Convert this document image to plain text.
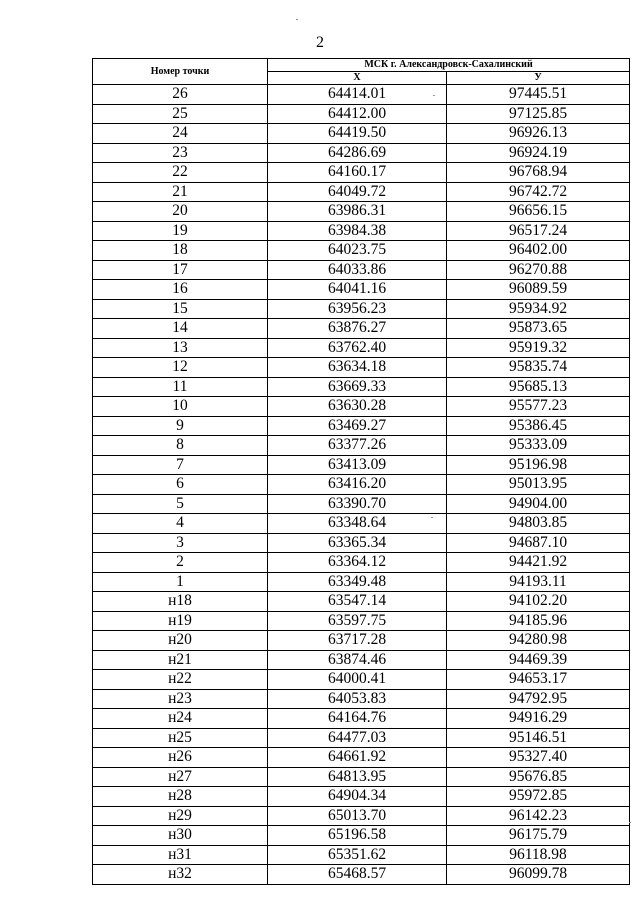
2
Номер точки	МСК г. Александровск-Сахалинский	
	X	У
26	64414.01	97445.51
25	64412.00	97125.85
24	64419.50	96926.13
23	64286.69	96924.19
22	64160.17	96768.94
21	64049.72	96742.72
20	63986.31	96656.15
19	63984.38	96517.24
18	64023.75	96402.00
17	64033.86	96270.88
16	64041.16	96089.59
15	63956.23	95934.92
14	63876.27	95873.65
13	63762.40	95919.32
12	63634.18	95835.74
11	63669.33	95685.13
10	63630.28	95577.23
9	63469.27	95386.45
8	63377.26	95333.09
7	63413.09	95196.98
6	63416.20	95013.95
5	63390.70	94904.00
4	63348.64	94803.85
3	63365.34	94687.10
2	63364.12	94421.92
1	63349.48	94193.11
н18	63547.14	94102.20
н19	63597.75	94185.96
н20	63717.28	94280.98
н21	63874.46	94469.39
н22	64000.41	94653.17
н23	64053.83	94792.95
н24	64164.76	94916.29
н25	64477.03	95146.51
н26	64661.92	95327.40
н27	64813.95	95676.85
н28	64904.34	95972.85
н29	65013.70	96142.23
н30	65196.58	96175.79
н31	65351.62	96118.98
н32	65468.57	96099.78
